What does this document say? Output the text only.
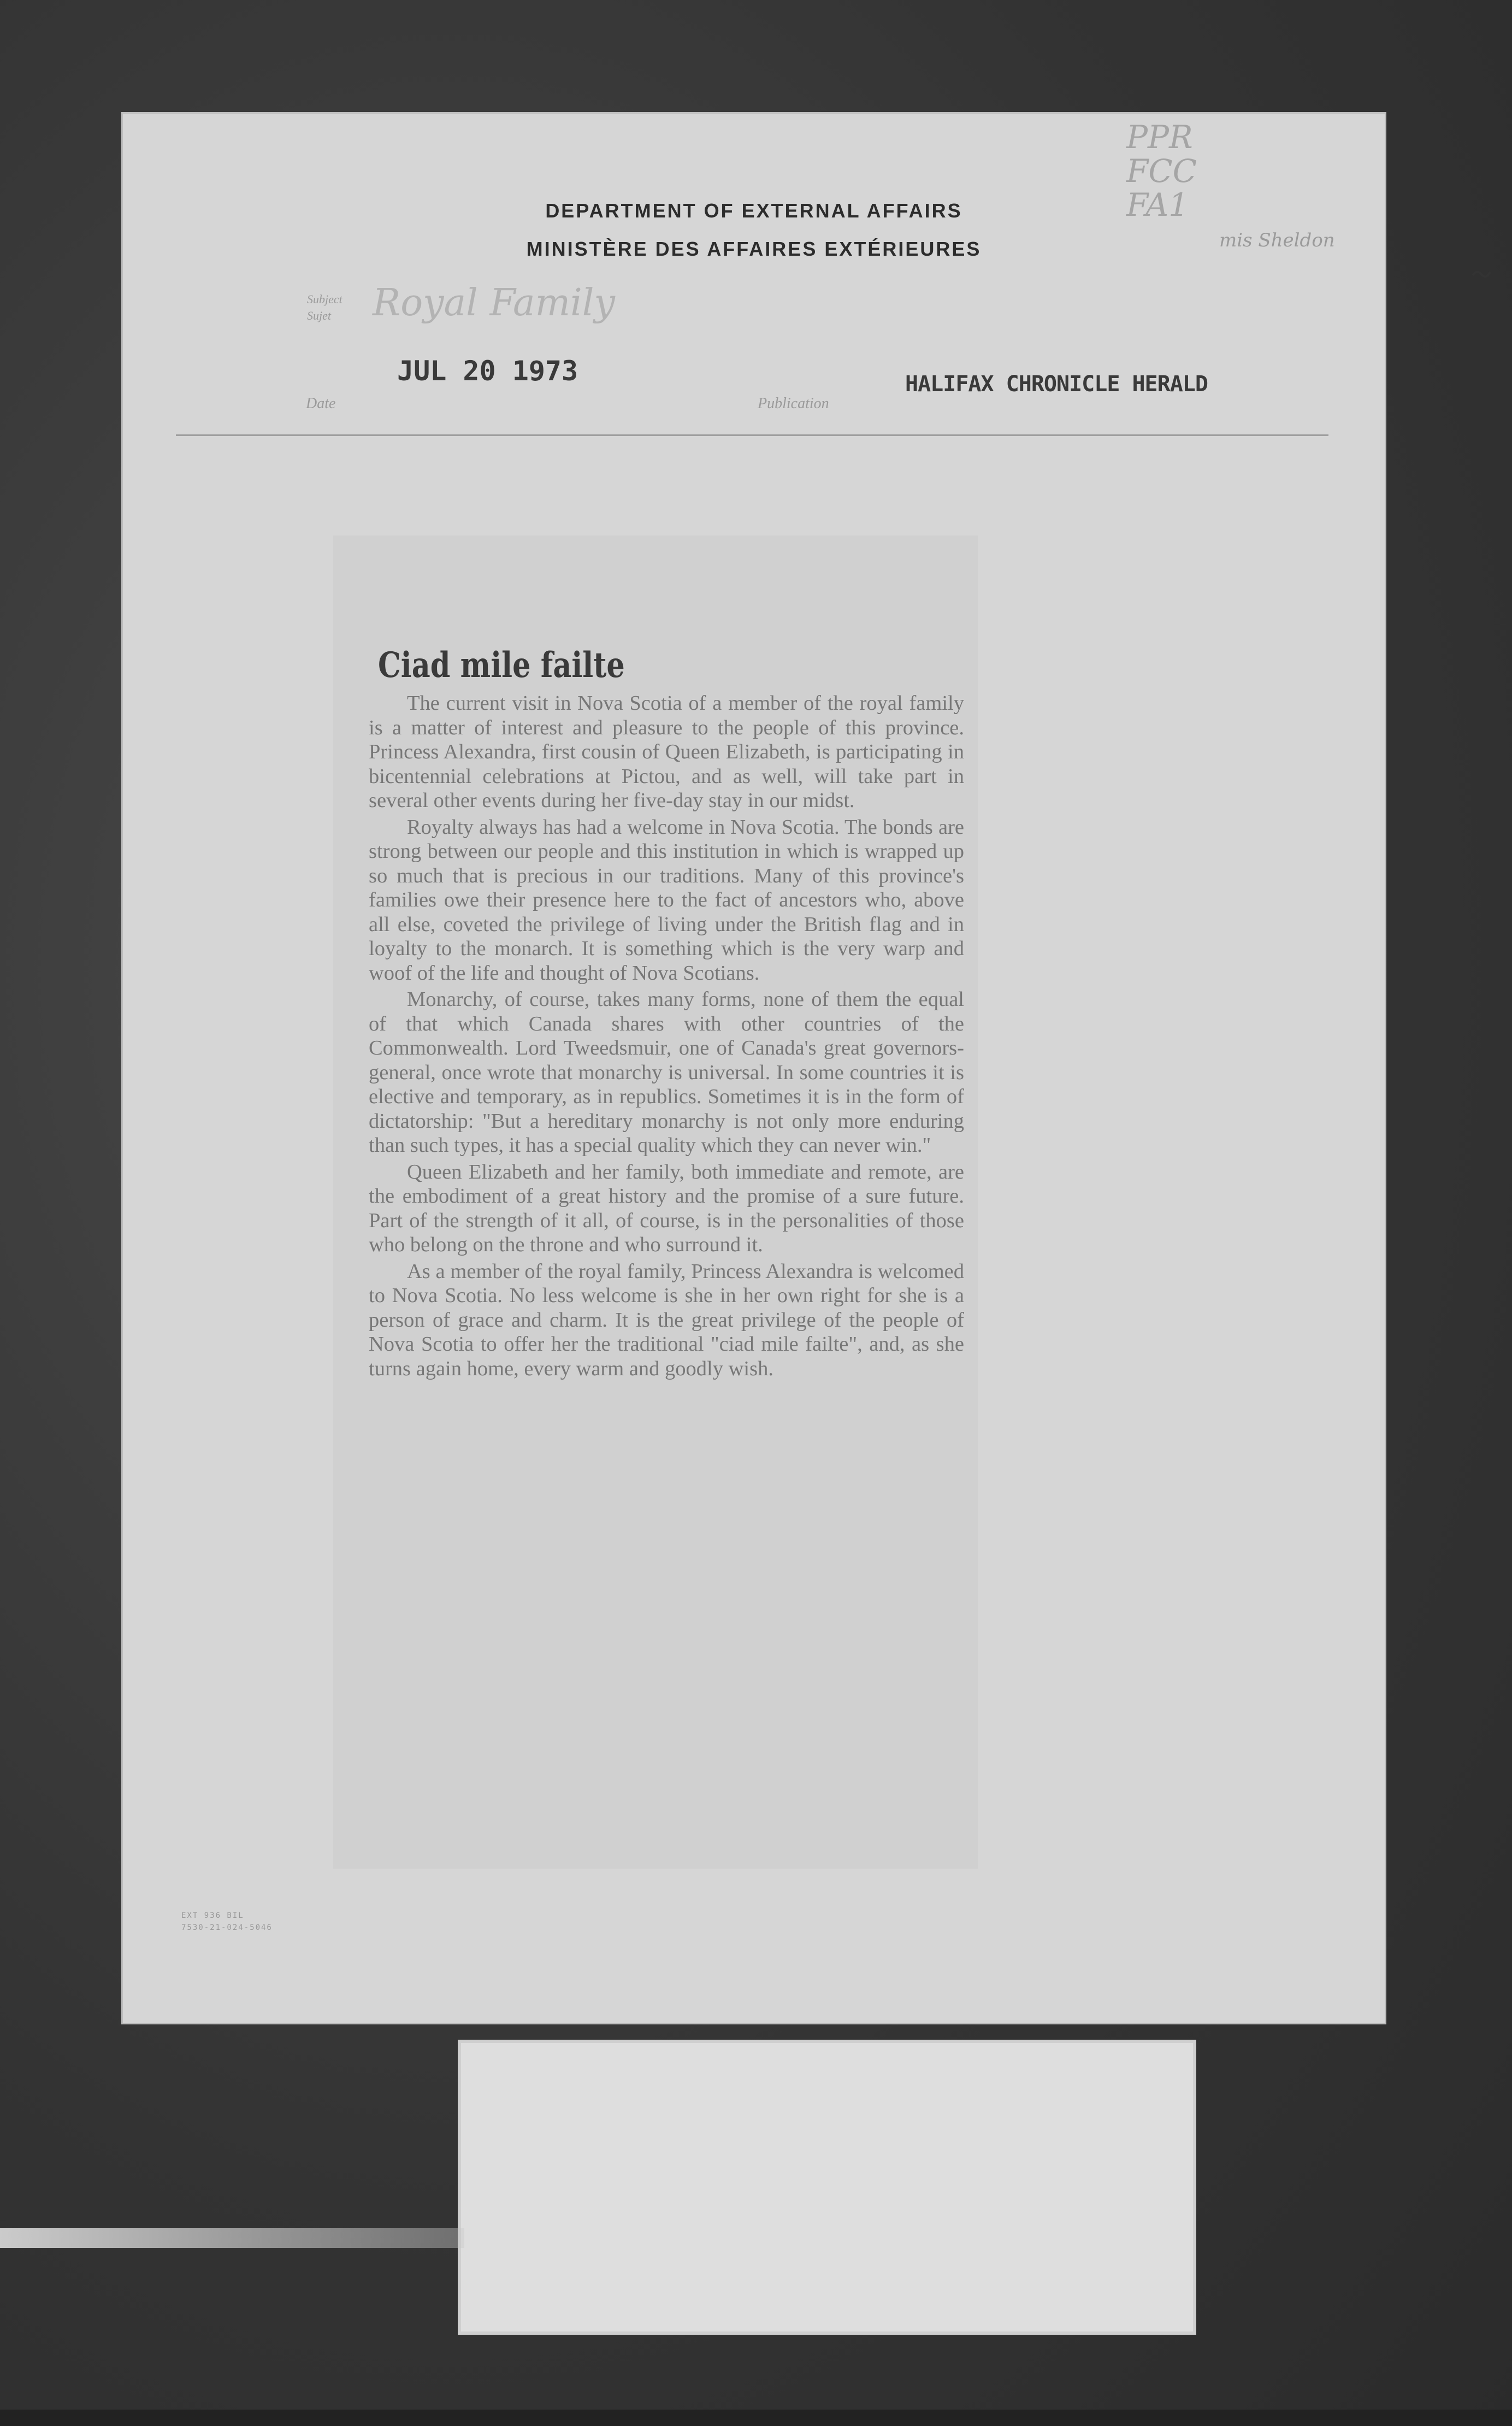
DEPARTMENT OF EXTERNAL AFFAIRS
MINISTÈRE DES AFFAIRES EXTÉRIEURES
PPR
FCC
FA1
mis Sheldon
Subject
Sujet Royal Family
JUL 20 1973
Date	Publication
HALIFAX CHRONICLE HERALD
EXT 936 BIL
7530-21-024-5046
Ciad mile failte

The current visit in Nova Scotia of a member of the royal family is a matter of interest and pleasure to the people of this province. Princess Alexandra, first cousin of Queen Elizabeth, is participating in bicentennial celebrations at Pictou, and as well, will take part in several other events during her five-day stay in our midst.

Royalty always has had a welcome in Nova Scotia. The bonds are strong between our people and this institution in which is wrapped up so much that is precious in our traditions. Many of this province's families owe their presence here to the fact of ancestors who, above all else, coveted the privilege of living under the British flag and in loyalty to the monarch. It is something which is the very warp and woof of the life and thought of Nova Scotians.

Monarchy, of course, takes many forms, none of them the equal of that which Canada shares with other countries of the Commonwealth. Lord Tweedsmuir, one of Canada's great governors-general, once wrote that monarchy is universal. In some countries it is elective and temporary, as in republics. Sometimes it is in the form of dictatorship: "But a hereditary monarchy is not only more enduring than such types, it has a special quality which they can never win."

Queen Elizabeth and her family, both immediate and remote, are the embodiment of a great history and the promise of a sure future. Part of the strength of it all, of course, is in the personalities of those who belong on the throne and who surround it.

As a member of the royal family, Princess Alexandra is welcomed to Nova Scotia. No less welcome is she in her own right for she is a person of grace and charm. It is the great privilege of the people of Nova Scotia to offer her the traditional "ciad mile failte", and, as she turns again home, every warm and goodly wish.
